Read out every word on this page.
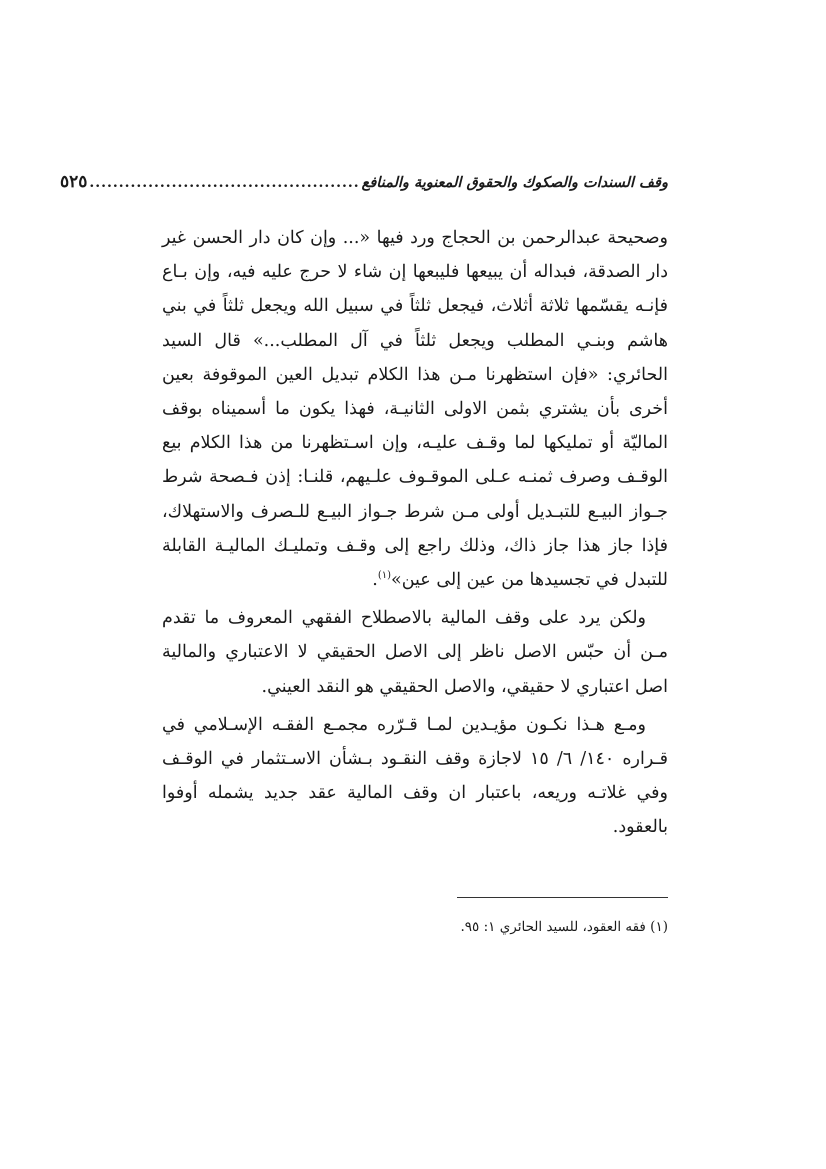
وقف السندات والصكوك والحقوق المعنوية والمنافع
..............................................
٥٢٥

وصحيحة عبدالرحمن بن الحجاج ورد فيها «... وإن كان دار الحسن غير دار الصدقة، فبداله أن يبيعها فليبعها إن شاء لا حرج عليه فيه، وإن بـاع فإنـه يقسّمها ثلاثة أثلاث، فيجعل ثلثاً في سبيل الله ويجعل ثلثاً في بني هاشم وبنـي المطلب ويجعل ثلثاً في آل المطلب...» قال السيد الحائري: «فإن استظهرنا مـن هذا الكلام تبديل العين الموقوفة بعين أخرى بأن يشتري بثمن الاولى الثانيـة، فهذا يكون ما أسميناه بوقف الماليّة أو تمليكها لما وقـف عليـه، وإن اسـتظهرنا من هذا الكلام بيع الوقـف وصرف ثمنـه عـلى الموقـوف علـيهم، قلنـا: إذن فـصحة شرط جـواز البيـع للتبـديل أولى مـن شرط جـواز البيـع للـصرف والاستهلاك، فإذا جاز هذا جاز ذاك، وذلك راجع إلى وقـف وتمليـك الماليـة القابلة للتبدل في تجسيدها من عين إلى عين»$^{(١)}$.

ولكن يرد على وقف المالية بالاصطلاح الفقهي المعروف ما تقدم مـن أن حبّس الاصل ناظر إلى الاصل الحقيقي لا الاعتباري والمالية اصل اعتباري لا حقيقي، والاصل الحقيقي هو النقد العيني.

ومـع هـذا نكـون مؤيـدين لمـا قـرّره مجمـع الفقـه الإسـلامي في قـراره ١٤٠/ ٦/ ١٥ لاجازة وقف النقـود بـشأن الاسـتثمار في الوقـف وفي غلاتـه وريعه، باعتبار ان وقف المالية عقد جديد يشمله أوفوا بالعقود.

(١) فقه العقود، للسيد الحائري ١: ٩٥.
